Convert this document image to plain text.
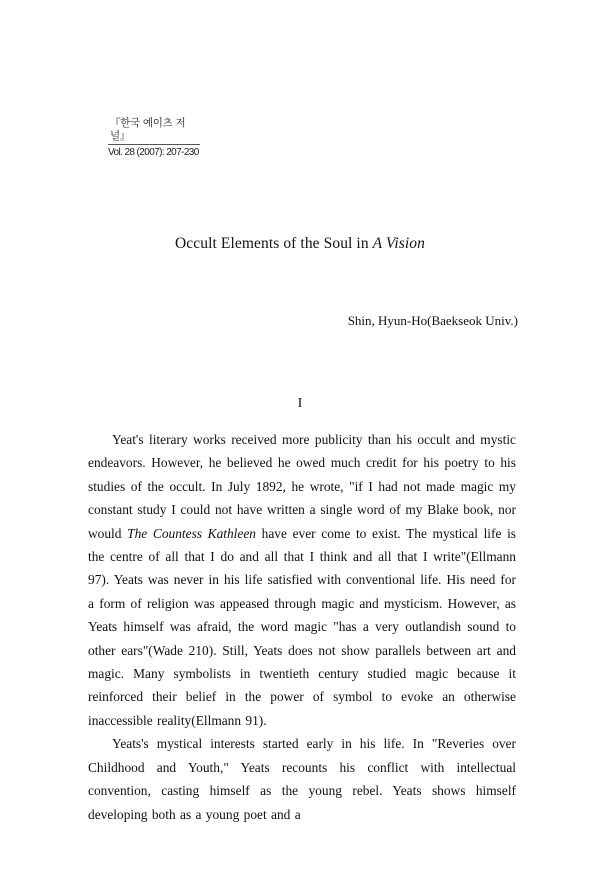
『한국 예이츠 저널』
Vol. 28 (2007): 207-230
Occult Elements of the Soul in A Vision
Shin, Hyun-Ho(Baekseok Univ.)
I

Yeat's literary works received more publicity than his occult and mystic endeavors. However, he believed he owed much credit for his poetry to his studies of the occult. In July 1892, he wrote, "if I had not made magic my constant study I could not have written a single word of my Blake book, nor would The Countess Kathleen have ever come to exist. The mystical life is the centre of all that I do and all that I think and all that I write"(Ellmann 97). Yeats was never in his life satisfied with conventional life. His need for a form of religion was appeased through magic and mysticism. However, as Yeats himself was afraid, the word magic "has a very outlandish sound to other ears"(Wade 210). Still, Yeats does not show parallels between art and magic. Many symbolists in twentieth century studied magic because it reinforced their belief in the power of symbol to evoke an otherwise inaccessible reality(Ellmann 91).

Yeats's mystical interests started early in his life. In "Reveries over Childhood and Youth," Yeats recounts his conflict with intellectual convention, casting himself as the young rebel. Yeats shows himself developing both as a young poet and a
